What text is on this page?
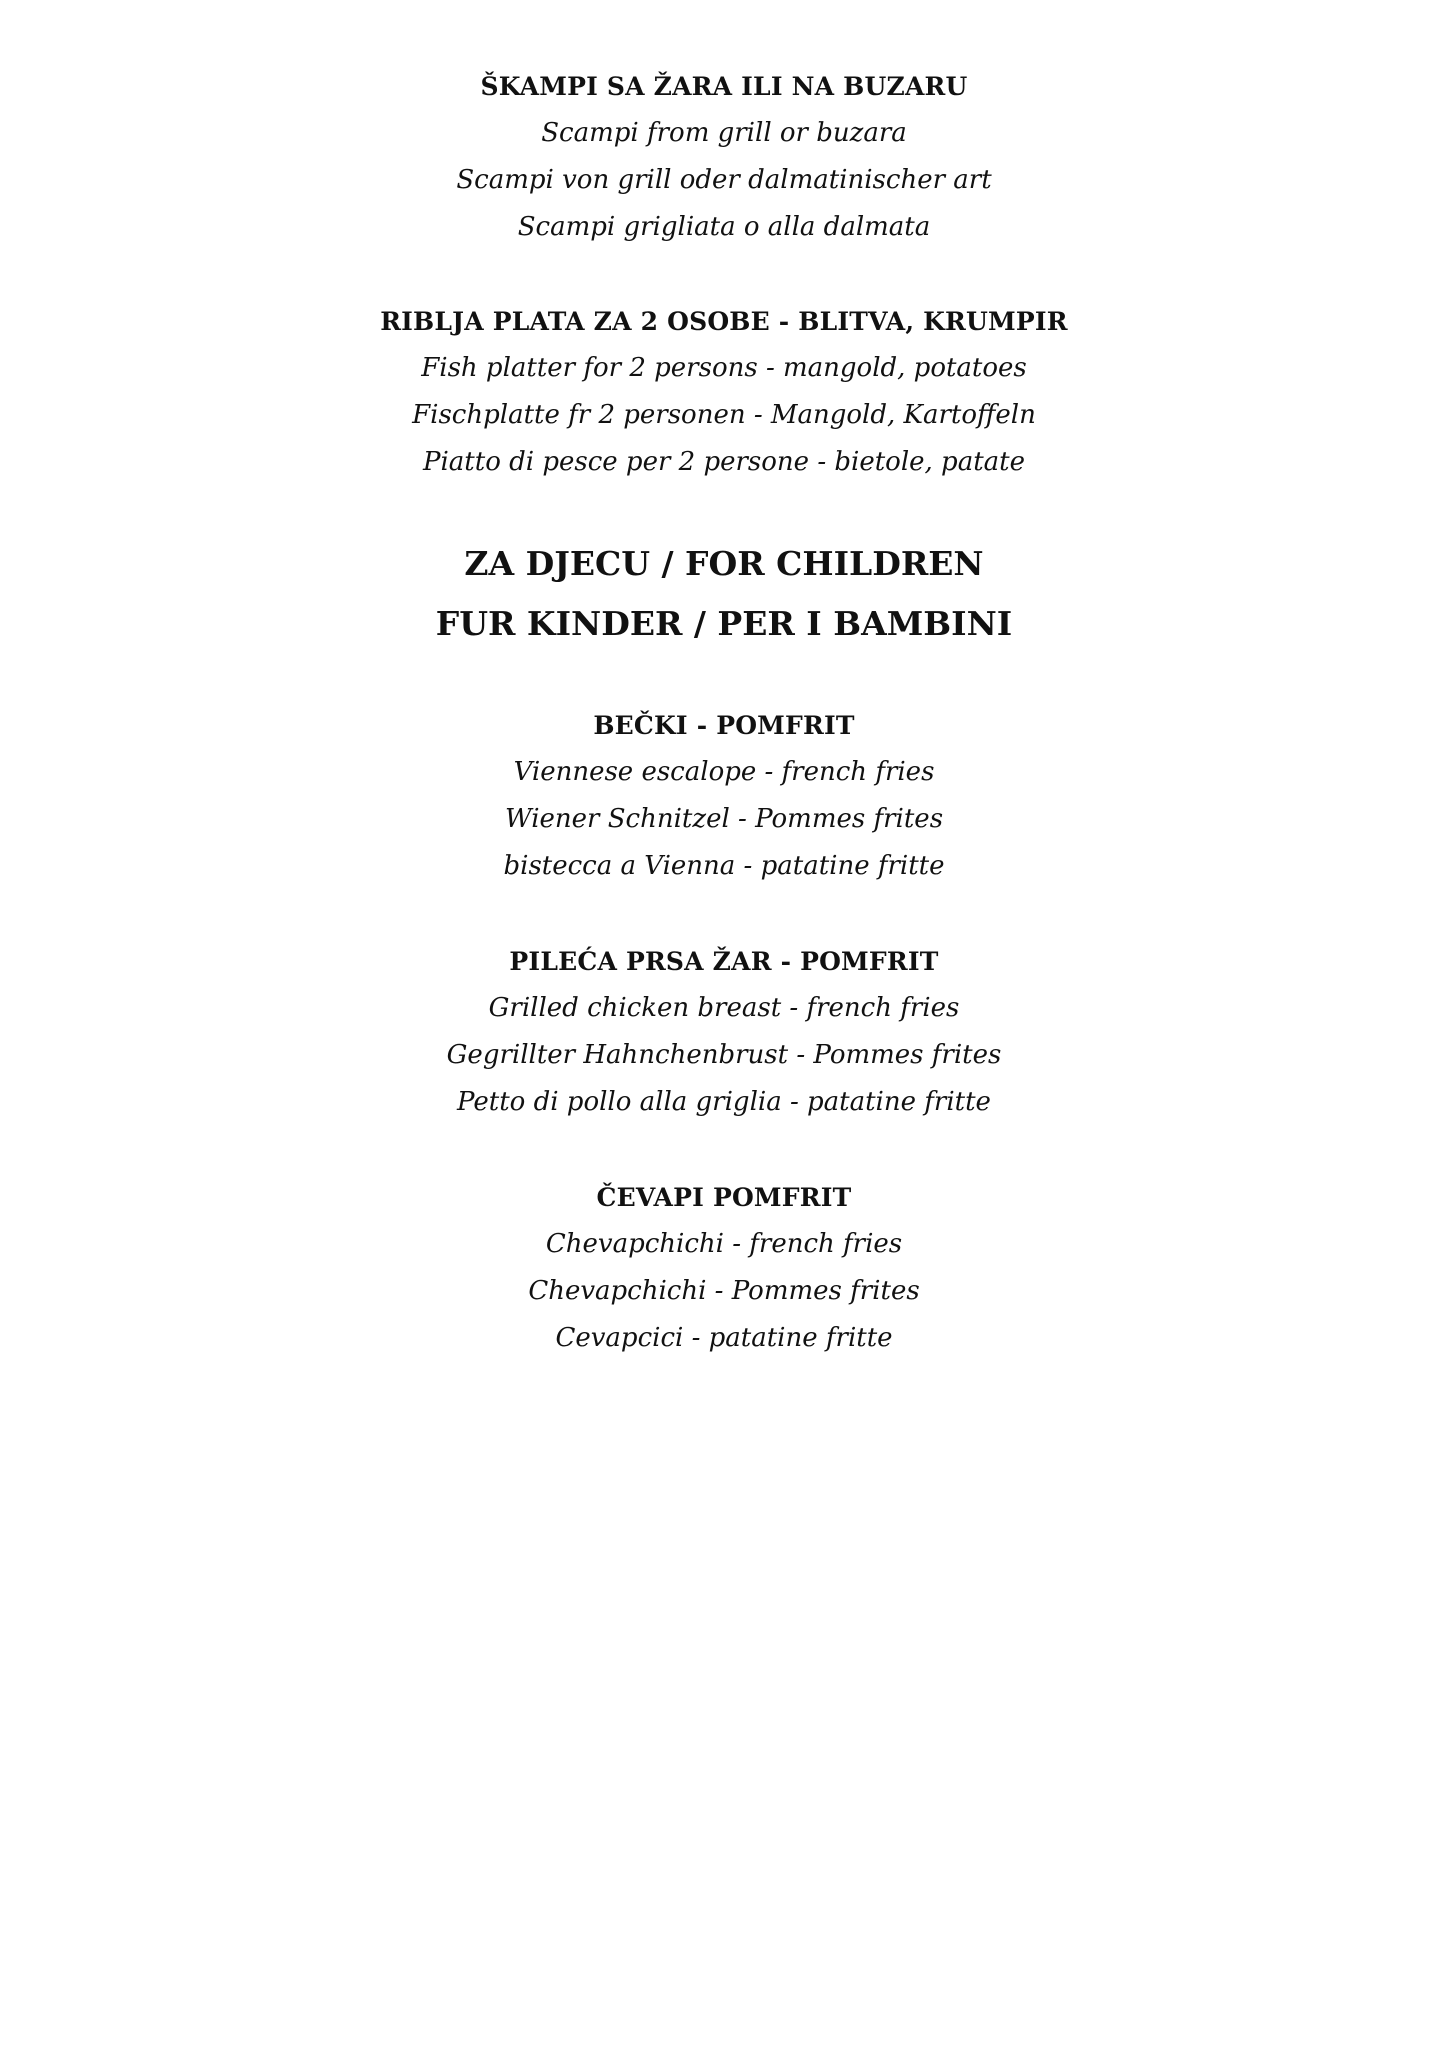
ŠKAMPI SA ŽARA ILI NA BUZARU
Scampi from grill or buzara
Scampi von grill oder dalmatinischer art
Scampi grigliata o alla dalmata
RIBLJA PLATA ZA 2 OSOBE - BLITVA, KRUMPIR
Fish platter for 2 persons - mangold, potatoes
Fischplatte fr 2 personen - Mangold, Kartoffeln
Piatto di pesce per 2 persone - bietole, patate
ZA DJECU / FOR CHILDREN
FUR KINDER / PER I BAMBINI
BEČKI - POMFRIT
Viennese escalope - french fries
Wiener Schnitzel - Pommes frites
bistecca a Vienna - patatine fritte
PILEĆA PRSA ŽAR - POMFRIT
Grilled chicken breast - french fries
Gegrillter Hahnchenbrust - Pommes frites
Petto di pollo alla griglia - patatine fritte
ČEVAPI POMFRIT
Chevapchichi - french fries
Chevapchichi - Pommes frites
Cevapcici - patatine fritte
